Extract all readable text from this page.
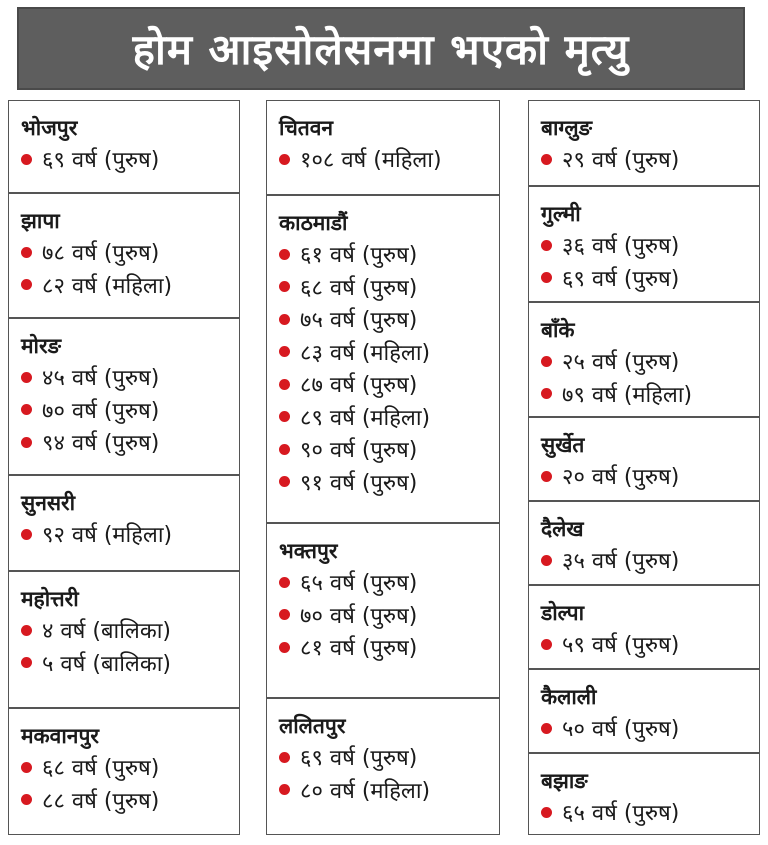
होम आइसोलेसनमा भएको मृत्यु
भोजपुर
६९ वर्ष (पुरुष)
झापा
७८ वर्ष (पुरुष)
८२ वर्ष (महिला)
मोरङ
४५ वर्ष (पुरुष)
७० वर्ष (पुरुष)
९४ वर्ष (पुरुष)
सुनसरी
९२ वर्ष (महिला)
महोत्तरी
४ वर्ष (बालिका)
५ वर्ष (बालिका)
मकवानपुर
६८ वर्ष (पुरुष)
८८ वर्ष (पुरुष)
चितवन
१०८ वर्ष (महिला)
काठमाडौं
६१ वर्ष (पुरुष)
६८ वर्ष (पुरुष)
७५ वर्ष (पुरुष)
८३ वर्ष (महिला)
८७ वर्ष (पुरुष)
८९ वर्ष (महिला)
९० वर्ष (पुरुष)
९१ वर्ष (पुरुष)
भक्तपुर
६५ वर्ष (पुरुष)
७० वर्ष (पुरुष)
८१ वर्ष (पुरुष)
ललितपुर
६९ वर्ष (पुरुष)
८० वर्ष (महिला)
बाग्लुङ
२९ वर्ष (पुरुष)
गुल्मी
३६ वर्ष (पुरुष)
६९ वर्ष (पुरुष)
बाँके
२५ वर्ष (पुरुष)
७९ वर्ष (महिला)
सुर्खेत
२० वर्ष (पुरुष)
दैलेख
३५ वर्ष (पुरुष)
डोल्पा
५९ वर्ष (पुरुष)
कैलाली
५० वर्ष (पुरुष)
बझाङ
६५ वर्ष (पुरुष)
